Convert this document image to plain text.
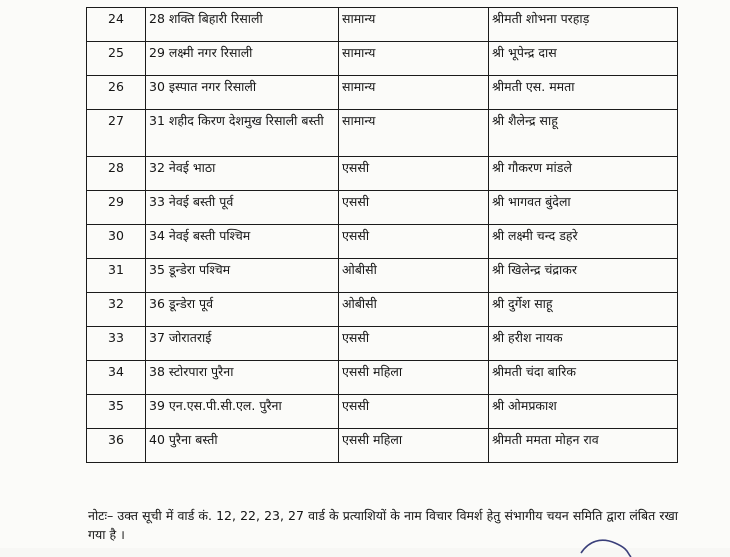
24	28 शक्ति बिहारी रिसाली	सामान्य	श्रीमती शोभना परहाड़
25	29 लक्ष्मी नगर रिसाली	सामान्य	श्री भूपेन्द्र दास
26	30 इस्पात नगर रिसाली	सामान्य	श्रीमती एस. ममता
27	31 शहीद किरण देशमुख रिसाली बस्ती	सामान्य	श्री शैलेन्द्र साहू
28	32 नेवई भाठा	एससी	श्री गौकरण मांडले
29	33 नेवई बस्ती पूर्व	एससी	श्री भागवत बुंदेला
30	34 नेवई बस्ती पश्चिम	एससी	श्री लक्ष्मी चन्द डहरे
31	35 डून्डेरा पश्चिम	ओबीसी	श्री खिलेन्द्र चंद्राकर
32	36 डून्डेरा पूर्व	ओबीसी	श्री दुर्गेश साहू
33	37 जोरातराई	एससी	श्री हरीश नायक
34	38 स्टोरपारा पुरैना	एससी महिला	श्रीमती चंदा बारिक
35	39 एन.एस.पी.सी.एल. पुरैना	एससी	श्री ओमप्रकाश
36	40 पुरैना बस्ती	एससी महिला	श्रीमती ममता मोहन राव
नोटः– उक्त सूची में वार्ड कं. 12, 22, 23, 27 वार्ड के प्रत्याशियों के नाम विचार विमर्श हेतु संभागीय चयन समिति द्वारा लंबित रखा गया है ।
